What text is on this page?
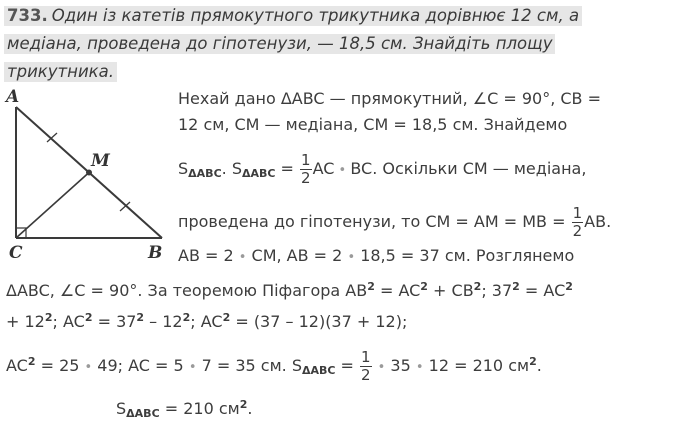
733. Один із катетів прямокутного трикутника дорівнює 12 см, а
медіана, проведена до гіпотенузи, — 18,5 см. Знайдіть площу
трикутника.
A
M
C	B
Нехай дано ΔABC — прямокутний, ∠C = 90°, CB =
12 см, CM — медіана, CM = 18,5 см. Знайдемо
$S_{\Delta ABC}$. $S_{\Delta ABC} = \frac{1}{2}$ AC • BC. Оскільки CM — медіана,
проведена до гіпотенузи, то CM = AM = MB = $\frac{1}{2}$ AB.
AB = 2 • CM, AB = 2 • 18,5 = 37 см. Розглянемо
ΔABC, ∠C = 90°. За теоремою Піфагора $AB^2 = AC^2 + CB^2$; $37^2 = AC^2$
+ $12^2$; $AC^2 = 37^2 - 12^2$; $AC^2 = (37 - 12)(37 + 12)$;
$AC^2 = 25$ • 49; AC = 5 • 7 = 35 см. $S_{\Delta ABC} = \frac{1}{2}$ • 35 • 12 = 210 $см^2$.
$S_{\Delta ABC} = 210$ $см^2$.
